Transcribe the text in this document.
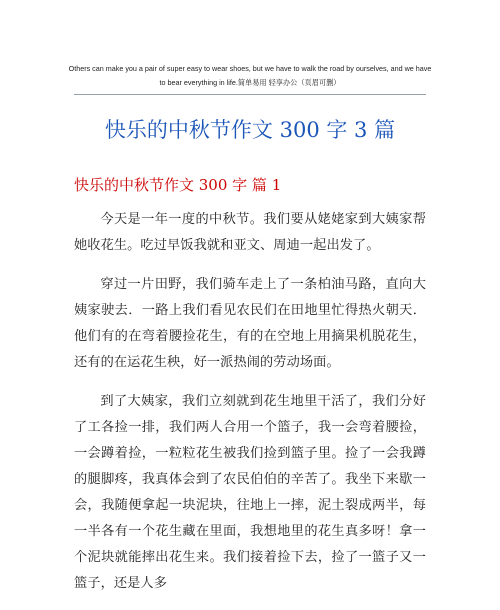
Others can make you a pair of super easy to wear shoes, but we have to walk the road by ourselves, and we have
to bear everything in life.简单易用 轻享办公（页眉可删）
快乐的中秋节作文 300 字 3 篇
快乐的中秋节作文 300 字 篇 1

今天是一年一度的中秋节。我们要从姥姥家到大姨家帮她收花生。吃过早饭我就和亚文、周迪一起出发了。

穿过一片田野，我们骑车走上了一条柏油马路，直向大姨家驶去．一路上我们看见农民们在田地里忙得热火朝天．他们有的在弯着腰捡花生，有的在空地上用摘果机脱花生，还有的在运花生秧，好一派热闹的劳动场面。

到了大姨家，我们立刻就到花生地里干活了，我们分好了工各捡一排，我们两人合用一个篮子，我一会弯着腰捡，一会蹲着捡，一粒粒花生被我们捡到篮子里。捡了一会我蹲的腿脚疼，我真体会到了农民伯伯的辛苦了。我坐下来歇一会，我随便拿起一块泥块，往地上一摔，泥土裂成两半，每一半各有一个花生藏在里面，我想地里的花生真多呀！拿一个泥块就能摔出花生来。我们接着捡下去，捡了一篮子又一篮子，还是人多
